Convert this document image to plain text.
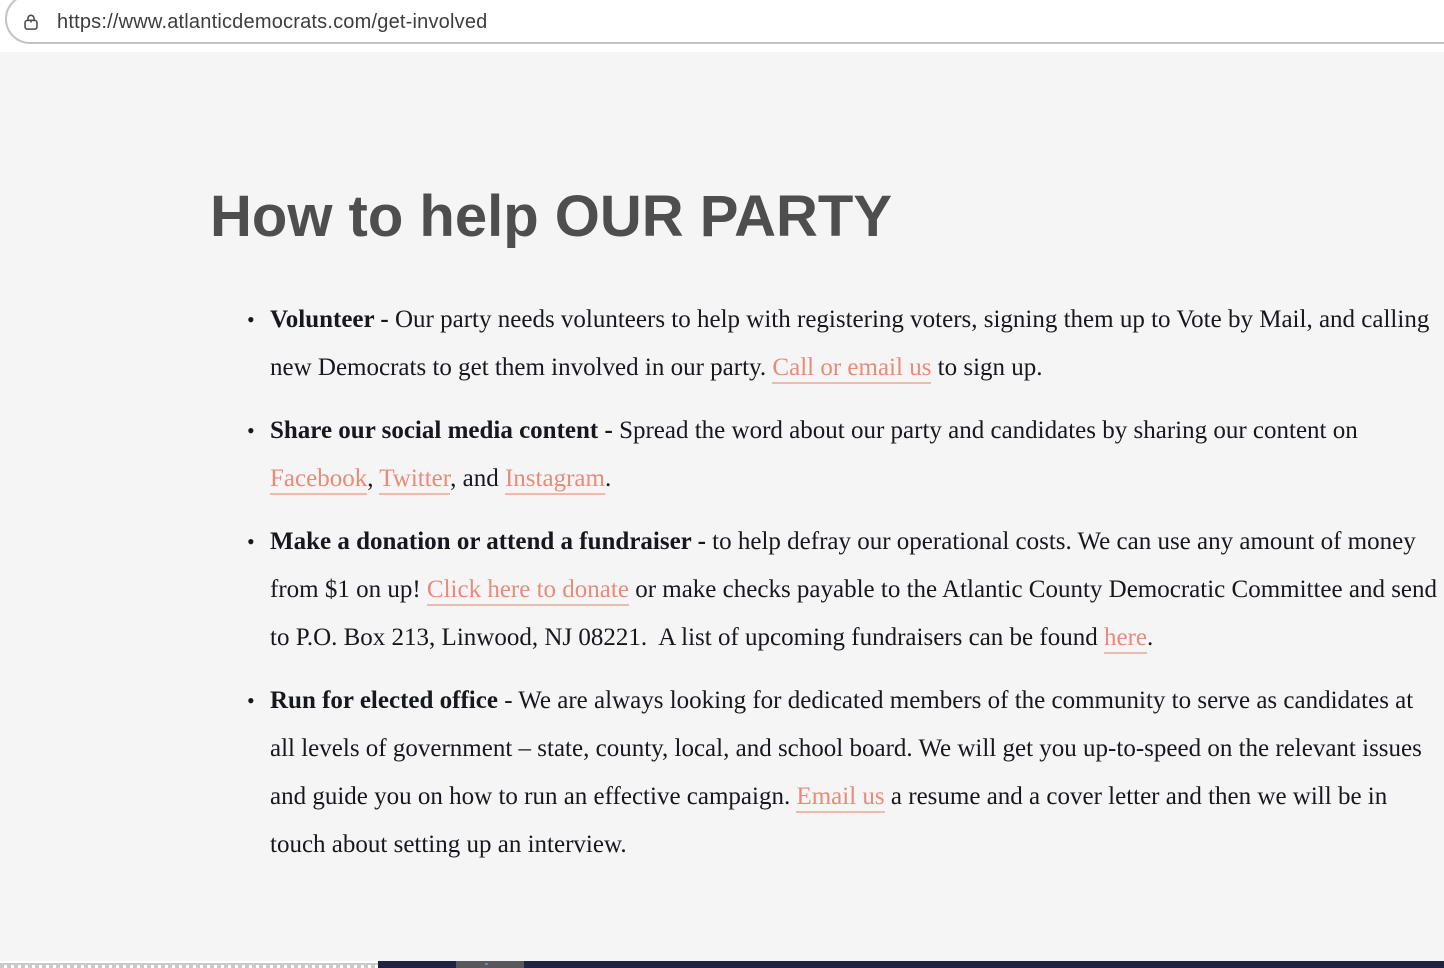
https://www.atlanticdemocrats.com/get-involved
How to help OUR PARTY
• Volunteer - Our party needs volunteers to help with registering voters, signing them up to Vote by Mail, and calling new Democrats to get them involved in our party. Call or email us to sign up.
• Share our social media content - Spread the word about our party and candidates by sharing our content on Facebook, Twitter, and Instagram.
• Make a donation or attend a fundraiser - to help defray our operational costs. We can use any amount of money from $1 on up! Click here to donate or make checks payable to the Atlantic County Democratic Committee and send to P.O. Box 213, Linwood, NJ 08221.  A list of upcoming fundraisers can be found here.
• Run for elected office - We are always looking for dedicated members of the community to serve as candidates at all levels of government – state, county, local, and school board. We will get you up-to-speed on the relevant issues and guide you on how to run an effective campaign. Email us a resume and a cover letter and then we will be in touch about setting up an interview.
